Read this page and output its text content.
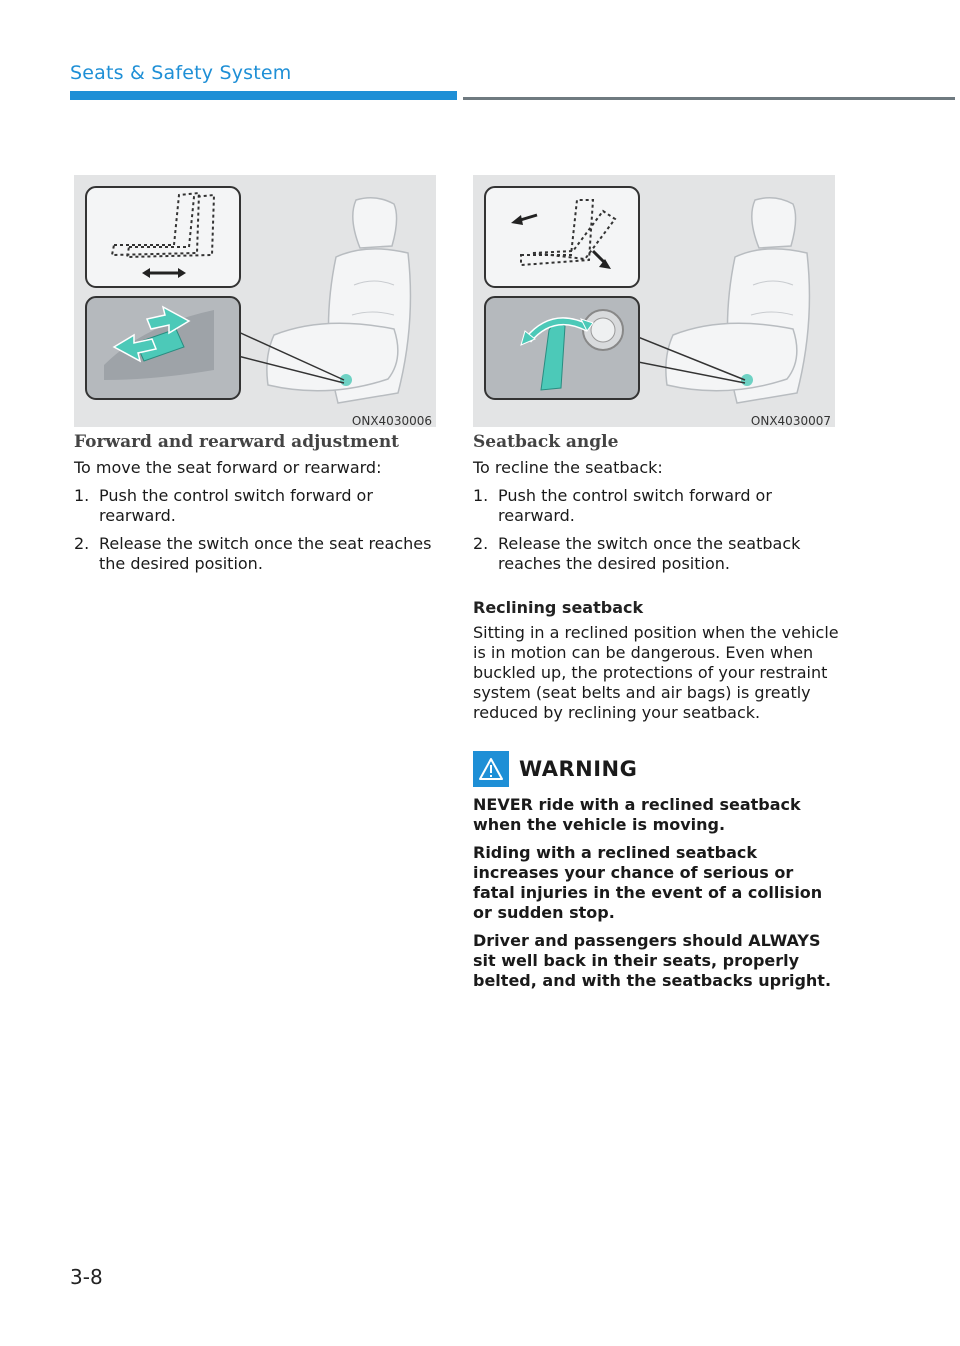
Seats & Safety System
ONX4030006	ONX4030007
Forward and rearward adjustment

To move the seat forward or rearward:

1. Push the control switch forward or rearward.
2. Release the switch once the seat reaches the desired position.
Seatback angle

To recline the seatback:

1. Push the control switch forward or rearward.
2. Release the switch once the seatback reaches the desired position.
Reclining seatback

Sitting in a reclined position when the vehicle is in motion can be dangerous. Even when buckled up, the protections of your restraint system (seat belts and air bags) is greatly reduced by reclining your seatback.

WARNING

NEVER ride with a reclined seatback when the vehicle is moving.

Riding with a reclined seatback increases your chance of serious or fatal injuries in the event of a collision or sudden stop.

Driver and passengers should ALWAYS sit well back in their seats, properly belted, and with the seatbacks upright.

3-8
